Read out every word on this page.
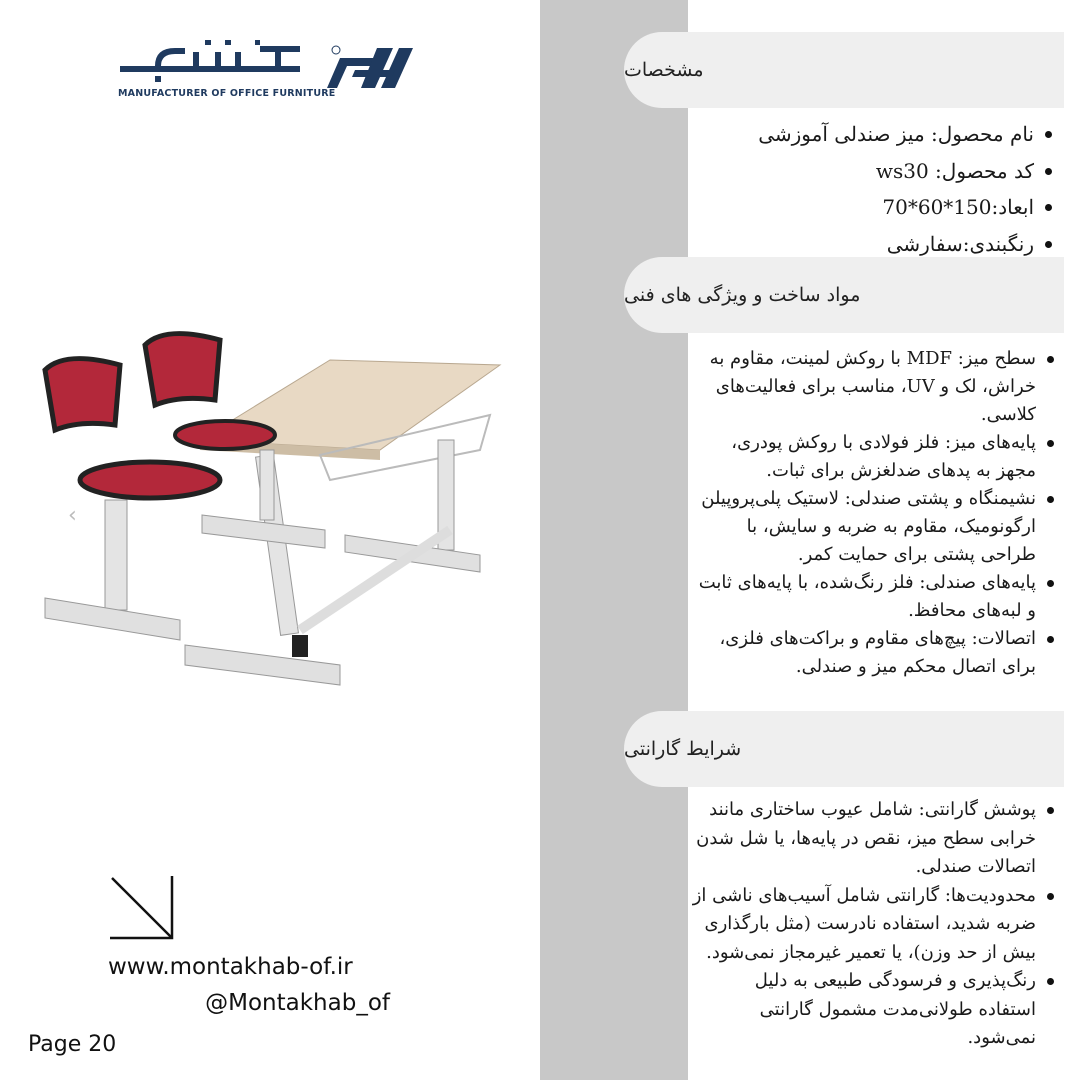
MANUFACTURER OF OFFICE FURNITURE
‹
www.montakhab-of.ir
@Montakhab_of
Page 20
مشخصات
نام محصول: میز صندلی آموزشی
کد محصول: ws30
ابعاد:150*60*70
رنگبندی:سفارشی
مواد ساخت و ویژگی های فنی
سطح میز: MDF با روکش لمینت، مقاوم به خراش، لک و UV، مناسب برای فعالیت‌های کلاسی.
پایه‌های میز: فلز فولادی با روکش پودری، مجهز به پدهای ضدلغزش برای ثبات.
نشیمنگاه و پشتی صندلی: لاستیک پلی‌پروپیلن ارگونومیک، مقاوم به ضربه و سایش، با طراحی پشتی برای حمایت کمر.
پایه‌های صندلی: فلز رنگ‌شده، با پایه‌های ثابت و لبه‌های محافظ.
اتصالات: پیچ‌های مقاوم و براکت‌های فلزی، برای اتصال محکم میز و صندلی.
شرایط گارانتی
پوشش گارانتی: شامل عیوب ساختاری مانند خرابی سطح میز، نقص در پایه‌ها، یا شل شدن اتصالات صندلی.
محدودیت‌ها: گارانتی شامل آسیب‌های ناشی از ضربه شدید، استفاده نادرست (مثل بارگذاری بیش از حد وزن)، یا تعمیر غیرمجاز نمی‌شود.
رنگ‌پذیری و فرسودگی طبیعی به دلیل استفاده طولانی‌مدت مشمول گارانتی نمی‌شود.
